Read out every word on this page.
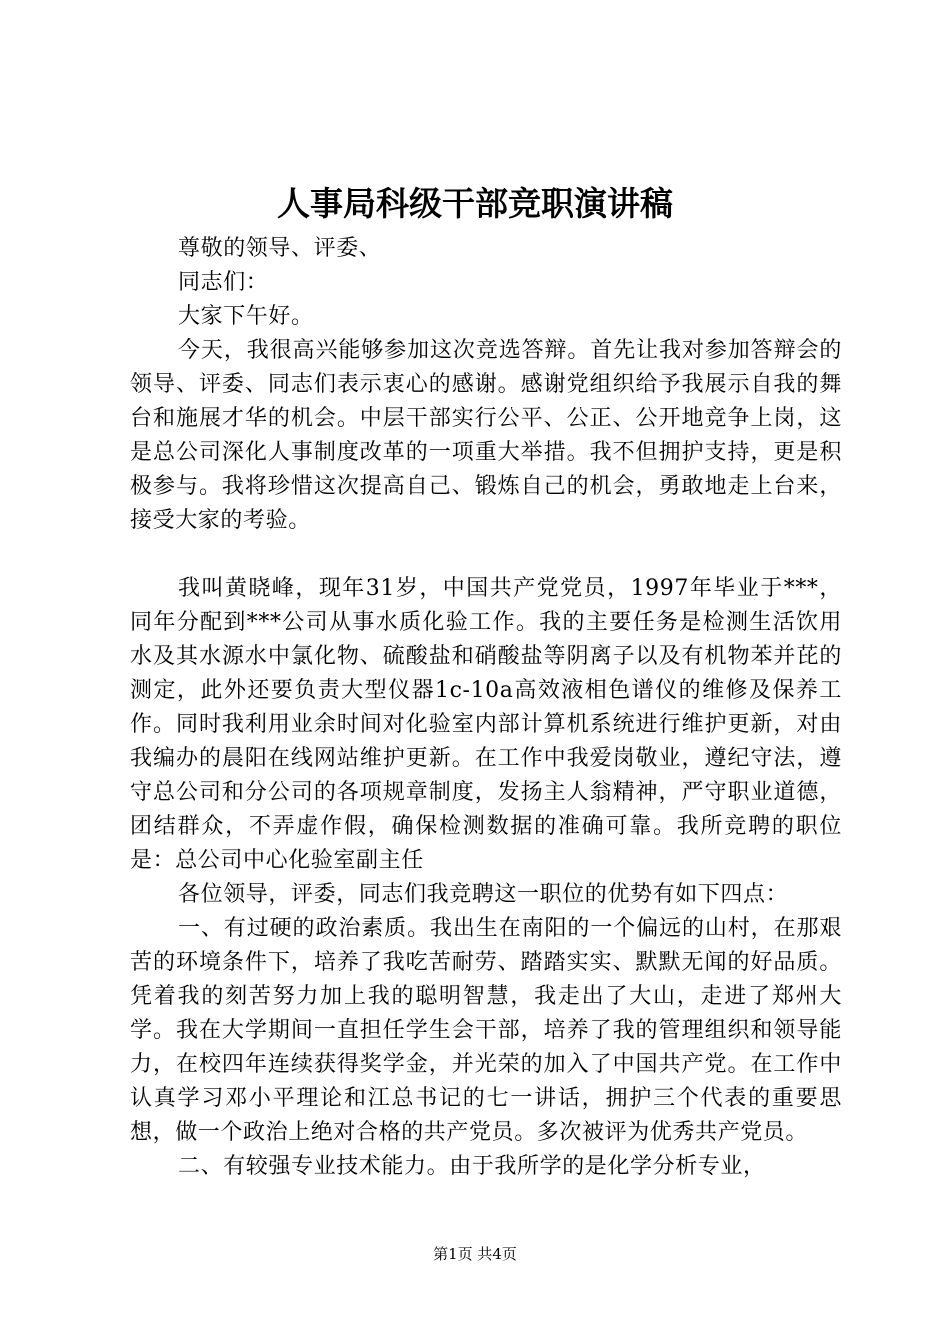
人事局科级干部竞职演讲稿

尊敬的领导、评委、

同志们：

大家下午好。

今天，我很高兴能够参加这次竞选答辩。首先让我对参加答辩会的领导、评委、同志们表示衷心的感谢。感谢党组织给予我展示自我的舞台和施展才华的机会。中层干部实行公平、公正、公开地竞争上岗，这是总公司深化人事制度改革的一项重大举措。我不但拥护支持，更是积极参与。我将珍惜这次提高自己、锻炼自己的机会，勇敢地走上台来，接受大家的考验。

我叫黄晓峰，现年31岁，中国共产党党员，1997年毕业于***，同年分配到***公司从事水质化验工作。我的主要任务是检测生活饮用水及其水源水中氯化物、硫酸盐和硝酸盐等阴离子以及有机物苯并芘的测定，此外还要负责大型仪器1c-10a高效液相色谱仪的维修及保养工作。同时我利用业余时间对化验室内部计算机系统进行维护更新，对由我编办的晨阳在线网站维护更新。在工作中我爱岗敬业，遵纪守法，遵守总公司和分公司的各项规章制度，发扬主人翁精神，严守职业道德，团结群众，不弄虚作假，确保检测数据的准确可靠。我所竞聘的职位是：总公司中心化验室副主任

各位领导，评委，同志们我竞聘这一职位的优势有如下四点：

一、有过硬的政治素质。我出生在南阳的一个偏远的山村，在那艰苦的环境条件下，培养了我吃苦耐劳、踏踏实实、默默无闻的好品质。凭着我的刻苦努力加上我的聪明智慧，我走出了大山，走进了郑州大学。我在大学期间一直担任学生会干部，培养了我的管理组织和领导能力，在校四年连续获得奖学金，并光荣的加入了中国共产党。在工作中认真学习邓小平理论和江总书记的七一讲话，拥护三个代表的重要思想，做一个政治上绝对合格的共产党员。多次被评为优秀共产党员。

二、有较强专业技术能力。由于我所学的是化学分析专业，

第1页 共4页
